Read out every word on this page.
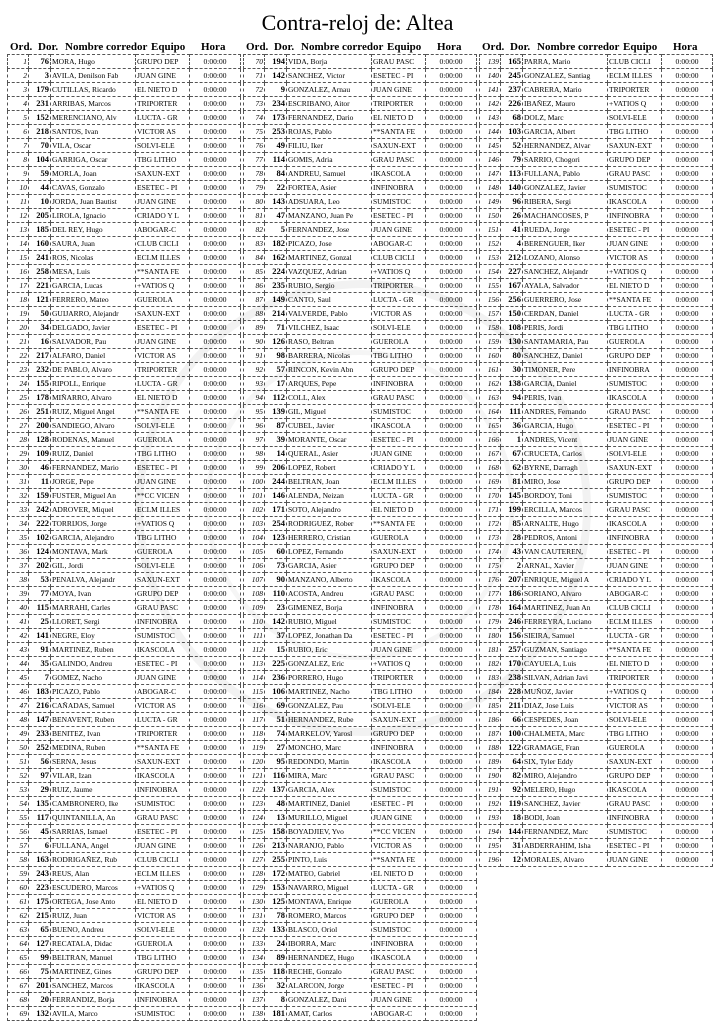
Contra-reloj de: Altea
Ord. Dor. Nombre corredor Equipo Hora
1	76	MORA, Hugo	GRUPO DEP	0:00:00
2	3	AVILA, Denilson Fab	JUAN GINE	0:00:00
3	179	CUTILLAS, Ricardo	EL NIETO D	0:00:00
4	231	ARRIBAS, Marcos	TRIPORTER	0:00:00
5	152	MERENCIANO, Alv	LUCTA - GR	0:00:00
6	218	SANTOS, Ivan	VICTOR AS	0:00:00
7	70	VILA, Oscar	SOLVI-ELE	0:00:00
8	104	GARRIGA, Oscar	TBG LITHO	0:00:00
9	59	MORLA, Joan	SAXUN-EXT	0:00:00
10	44	CAVAS, Gonzalo	ESETEC - PI	0:00:00
11	10	JORDA, Juan Bautist	JUAN GINE	0:00:00
12	205	LIROLA, Ignacio	CRIADO Y L	0:00:00
13	185	DEL REY, Hugo	ABOGAR-C	0:00:00
14	160	SAURA, Juan	CLUB CICLI	0:00:00
15	241	ROS, Nicolas	ECLM ILLES	0:00:00
16	258	MESA, Luis	**SANTA FE	0:00:00
17	221	GARCIA, Lucas	+VATIOS Q	0:00:00
18	121	FERRERO, Mateo	GUEROLA	0:00:00
19	50	GUIJARRO, Alejandr	SAXUN-EXT	0:00:00
20	34	DELGADO, Javier	ESETEC - PI	0:00:00
21	16	SALVADOR, Pau	JUAN GINE	0:00:00
22	217	ALFARO, Daniel	VICTOR AS	0:00:00
23	232	DE PABLO, Alvaro	TRIPORTER	0:00:00
24	155	RIPOLL, Enrique	LUCTA - GR	0:00:00
25	178	MIÑARRO, Alvaro	EL NIETO D	0:00:00
26	251	RUIZ, Miguel Angel	**SANTA FE	0:00:00
27	200	SANDIEGO, Alvaro	SOLVI-ELE	0:00:00
28	128	RODENAS, Manuel	GUEROLA	0:00:00
29	109	RUIZ, Daniel	TBG LITHO	0:00:00
30	46	FERNANDEZ, Mario	ESETEC - PI	0:00:00
31	11	JORGE, Pepe	JUAN GINE	0:00:00
32	159	FUSTER, Miguel An	**CC VICEN	0:00:00
33	242	ADROVER, Miquel	ECLM ILLES	0:00:00
34	222	TORRIJOS, Jorge	+VATIOS Q	0:00:00
35	102	GARCIA, Alejandro	TBG LITHO	0:00:00
36	124	MONTAVA, Mark	GUEROLA	0:00:00
37	202	GIL, Jordi	SOLVI-ELE	0:00:00
38	53	PENALVA, Alejandr	SAXUN-EXT	0:00:00
39	77	MOYA, Ivan	GRUPO DEP	0:00:00
40	115	MARRAHI, Carles	GRAU PASC	0:00:00
41	25	LLORET, Sergi	INFINOBRA	0:00:00
42	141	NEGRE, Eloy	SUMISTOC	0:00:00
43	91	MARTINEZ, Ruben	IKASCOLA	0:00:00
44	35	GALINDO, Andreu	ESETEC - PI	0:00:00
45	7	GOMEZ, Nacho	JUAN GINE	0:00:00
46	183	PICAZO, Pablo	ABOGAR-C	0:00:00
47	216	CAÑADAS, Samuel	VICTOR AS	0:00:00
48	147	BENAVENT, Ruben	LUCTA - GR	0:00:00
49	233	BENITEZ, Ivan	TRIPORTER	0:00:00
50	252	MEDINA, Ruben	**SANTA FE	0:00:00
51	56	SERNA, Jesus	SAXUN-EXT	0:00:00
52	97	VILAR, Izan	IKASCOLA	0:00:00
53	29	RUIZ, Jaume	INFINOBRA	0:00:00
54	135	CAMBRONERO, Ike	SUMISTOC	0:00:00
55	117	QUINTANILLA, An	GRAU PASC	0:00:00
56	45	SARRIAS, Ismael	ESETEC - PI	0:00:00
57	6	FULLANA, Angel	JUAN GINE	0:00:00
58	163	RODRIGAÑEZ, Rub	CLUB CICLI	0:00:00
59	243	REUS, Alan	ECLM ILLES	0:00:00
60	223	ESCUDERO, Marcos	+VATIOS Q	0:00:00
61	175	ORTEGA, Jose Anto	EL NIETO D	0:00:00
62	215	RUIZ, Juan	VICTOR AS	0:00:00
63	65	BUENO, Andreu	SOLVI-ELE	0:00:00
64	127	RECATALA, Didac	GUEROLA	0:00:00
65	99	BELTRAN, Manuel	TBG LITHO	0:00:00
66	75	MARTINEZ, Gines	GRUPO DEP	0:00:00
67	201	SANCHEZ, Marcos	IKASCOLA	0:00:00
68	20	FERRANDIZ, Borja	INFINOBRA	0:00:00
69	132	AVILA, Marco	SUMISTOC	0:00:00
Ord. Dor. Nombre corredor Equipo Hora
70	194	VIDA, Borja	GRAU PASC	0:00:00
71	142	SANCHEZ, Victor	ESETEC - PI	0:00:00
72	9	GONZALEZ, Arnau	JUAN GINE	0:00:00
73	234	ESCRIBANO, Aitor	TRIPORTER	0:00:00
74	173	FERNANDEZ, Dario	EL NIETO D	0:00:00
75	253	ROJAS, Pablo	**SANTA FE	0:00:00
76	49	FILIU, Iker	SAXUN-EXT	0:00:00
77	114	GOMIS, Adria	GRAU PASC	0:00:00
78	84	ANDREU, Samuel	IKASCOLA	0:00:00
79	22	FORTEA, Asier	INFINOBRA	0:00:00
80	143	ADSUARA, Leo	SUMISTOC	0:00:00
81	47	MANZANO, Juan Pe	ESETEC - PI	0:00:00
82	5	FERNANDEZ, Jose	JUAN GINE	0:00:00
83	182	PICAZO, Jose	ABOGAR-C	0:00:00
84	162	MARTINEZ, Gonzal	CLUB CICLI	0:00:00
85	224	VAZQUEZ, Adrian	+VATIOS Q	0:00:00
86	235	RUBIO, Sergio	TRIPORTER	0:00:00
87	149	CANTO, Saul	LUCTA - GR	0:00:00
88	214	VALVERDE, Pablo	VICTOR AS	0:00:00
89	71	VILCHEZ, Isaac	SOLVI-ELE	0:00:00
90	126	RASO, Beltran	GUEROLA	0:00:00
91	98	BARRERA, Nicolas	TBG LITHO	0:00:00
92	57	RINCON, Kevin Abn	GRUPO DEP	0:00:00
93	17	ARQUES, Pepe	INFINOBRA	0:00:00
94	112	COLL, Alex	GRAU PASC	0:00:00
95	139	GIL, Miguel	SUMISTOC	0:00:00
96	87	CUBEL, Javier	IKASCOLA	0:00:00
97	39	MORANTE, Oscar	ESETEC - PI	0:00:00
98	14	QUERAL, Asier	JUAN GINE	0:00:00
99	206	LOPEZ, Robert	CRIADO Y L	0:00:00
100	244	BELTRAN, Joan	ECLM ILLES	0:00:00
101	146	ALENDA, Neizan	LUCTA - GR	0:00:00
102	171	SOTO, Alejandro	EL NIETO D	0:00:00
103	254	RODRIGUEZ, Rober	**SANTA FE	0:00:00
104	123	HERRERO, Cristian	GUEROLA	0:00:00
105	60	LOPEZ, Fernando	SAXUN-EXT	0:00:00
106	73	GARCIA, Asier	GRUPO DEP	0:00:00
107	90	MANZANO, Alberto	IKASCOLA	0:00:00
108	110	ACOSTA, Andreu	GRAU PASC	0:00:00
109	23	GIMENEZ, Borja	INFINOBRA	0:00:00
110	142	RUBIO, Miguel	SUMISTOC	0:00:00
111	37	LOPEZ, Jonathan Da	ESETEC - PI	0:00:00
112	15	RUBIO, Eric	JUAN GINE	0:00:00
113	225	GONZALEZ, Eric	+VATIOS Q	0:00:00
114	236	PORRERO, Hugo	TRIPORTER	0:00:00
115	106	MARTINEZ, Nacho	TBG LITHO	0:00:00
116	69	GONZALEZ, Pau	SOLVI-ELE	0:00:00
117	51	HERNANDEZ, Rube	SAXUN-EXT	0:00:00
118	74	MARKELOV, Yarosl	GRUPO DEP	0:00:00
119	27	MONCHO, Marc	INFINOBRA	0:00:00
120	95	REDONDO, Martin	IKASCOLA	0:00:00
121	116	MIRA, Marc	GRAU PASC	0:00:00
122	137	GARCIA, Alex	SUMISTOC	0:00:00
123	48	MARTINEZ, Daniel	ESETEC - PI	0:00:00
124	13	MURILLO, Miguel	JUAN GINE	0:00:00
125	158	BOYADJIEV, Yvo	**CC VICEN	0:00:00
126	213	NARANJO, Pablo	VICTOR AS	0:00:00
127	255	PINTO, Luis	**SANTA FE	0:00:00
128	172	MATEO, Gabriel	EL NIETO D	0:00:00
129	153	NAVARRO, Miguel	LUCTA - GR	0:00:00
130	125	MONTAVA, Enrique	GUEROLA	0:00:00
131	78	ROMERO, Marcos	GRUPO DEP	0:00:00
132	133	BLASCO, Oriol	SUMISTOC	0:00:00
133	24	IBORRA, Marc	INFINOBRA	0:00:00
134	89	HERNANDEZ, Hugo	IKASCOLA	0:00:00
135	118	RECHE, Gonzalo	GRAU PASC	0:00:00
136	32	ALARCON, Jorge	ESETEC - PI	0:00:00
137	8	GONZALEZ, Dani	JUAN GINE	0:00:00
138	181	AMAT, Carlos	ABOGAR-C	0:00:00
Ord. Dor. Nombre corredor Equipo Hora
139	165	PARRA, Mario	CLUB CICLI	0:00:00
140	245	GONZALEZ, Santiag	ECLM ILLES	0:00:00
141	237	CABRERA, Mario	TRIPORTER	0:00:00
142	226	IBAÑEZ, Mauro	+VATIOS Q	0:00:00
143	68	DOLZ, Marc	SOLVI-ELE	0:00:00
144	103	GARCIA, Albert	TBG LITHO	0:00:00
145	52	HERNANDEZ, Alvar	SAXUN-EXT	0:00:00
146	79	SARRIO, Chogori	GRUPO DEP	0:00:00
147	113	FULLANA, Pablo	GRAU PASC	0:00:00
148	140	GONZALEZ, Javier	SUMISTOC	0:00:00
149	96	RIBERA, Sergi	IKASCOLA	0:00:00
150	26	MACHANCOSES, P	INFINOBRA	0:00:00
151	41	RUEDA, Jorge	ESETEC - PI	0:00:00
152	4	BERENGUER, Iker	JUAN GINE	0:00:00
153	212	LOZANO, Alonso	VICTOR AS	0:00:00
154	227	SANCHEZ, Alejandr	+VATIOS Q	0:00:00
155	167	AYALA, Salvador	EL NIETO D	0:00:00
156	256	GUERRERO, Jose	**SANTA FE	0:00:00
157	150	CERDAN, Daniel	LUCTA - GR	0:00:00
158	108	PERIS, Jordi	TBG LITHO	0:00:00
159	130	SANTAMARIA, Pau	GUEROLA	0:00:00
160	80	SANCHEZ, Daniel	GRUPO DEP	0:00:00
161	30	TIMONER, Pere	INFINOBRA	0:00:00
162	138	GARCIA, Daniel	SUMISTOC	0:00:00
163	94	PERIS, Ivan	IKASCOLA	0:00:00
164	111	ANDRES, Fernando	GRAU PASC	0:00:00
165	36	GARCIA, Hugo	ESETEC - PI	0:00:00
166	1	ANDRES, Vicent	JUAN GINE	0:00:00
167	67	CRUCETA, Carlos	SOLVI-ELE	0:00:00
168	62	BYRNE, Darragh	SAXUN-EXT	0:00:00
169	81	MIRO, Jose	GRUPO DEP	0:00:00
170	145	BORDOY, Toni	SUMISTOC	0:00:00
171	199	ERCILLA, Marcos	GRAU PASC	0:00:00
172	85	ARNALTE, Hugo	IKASCOLA	0:00:00
173	28	PEDROS, Antoni	INFINOBRA	0:00:00
174	43	VAN CAUTEREN,	ESETEC - PI	0:00:00
175	2	ARNAL, Xavier	JUAN GINE	0:00:00
176	207	ENRIQUE, Miguel A	CRIADO Y L	0:00:00
177	186	SORIANO, Alvaro	ABOGAR-C	0:00:00
178	164	MARTINEZ, Juan An	CLUB CICLI	0:00:00
179	246	FERREYRA, Luciano	ECLM ILLES	0:00:00
180	156	SIEIRA, Samuel	LUCTA - GR	0:00:00
181	257	GUZMAN, Santiago	**SANTA FE	0:00:00
182	170	CAYUELA, Luis	EL NIETO D	0:00:00
183	238	SILVAN, Adrian Javi	TRIPORTER	0:00:00
184	228	MUÑOZ, Javier	+VATIOS Q	0:00:00
185	211	DIAZ, Jose Luis	VICTOR AS	0:00:00
186	66	CESPEDES, Joan	SOLVI-ELE	0:00:00
187	100	CHALMETA, Marc	TBG LITHO	0:00:00
188	122	GRAMAGE, Fran	GUEROLA	0:00:00
189	64	SIX, Tyler Eddy	SAXUN-EXT	0:00:00
190	82	MIRO, Alejandro	GRUPO DEP	0:00:00
191	92	MELERO, Hugo	IKASCOLA	0:00:00
192	119	SANCHEZ, Javier	GRAU PASC	0:00:00
193	18	BODI, Joan	INFINOBRA	0:00:00
194	144	FERNANDEZ, Marc	SUMISTOC	0:00:00
195	31	ABDERRAHIM, Isha	ESETEC - PI	0:00:00
196	12	MORALES, Alvaro	JUAN GINE	0:00:00
